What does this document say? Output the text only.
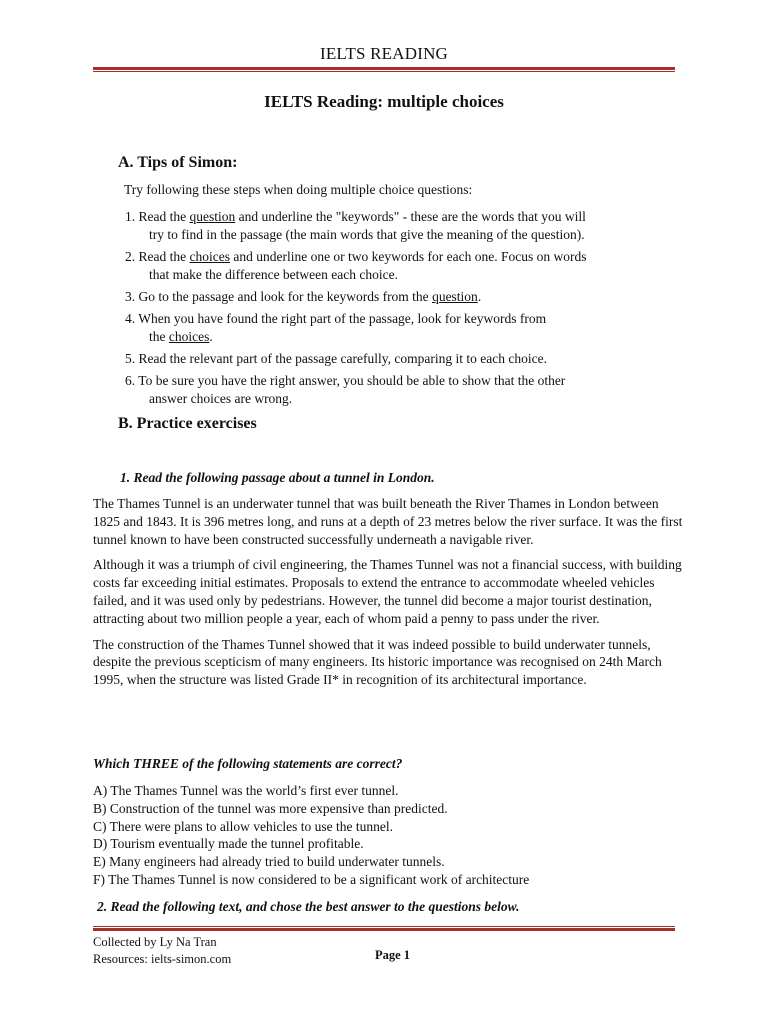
IELTS READING
IELTS Reading: multiple choices
A. Tips of Simon:
Try following these steps when doing multiple choice questions:
1. Read the question and underline the "keywords" - these are the words that you will
try to find in the passage (the main words that give the meaning of the question).
2. Read the choices and underline one or two keywords for each one. Focus on words
that make the difference between each choice.
3. Go to the passage and look for the keywords from the question.
4. When you have found the right part of the passage, look for keywords from
the choices.
5. Read the relevant part of the passage carefully, comparing it to each choice.
6. To be sure you have the right answer, you should be able to show that the other
answer choices are wrong.
B. Practice exercises
1. Read the following passage about a tunnel in London.

The Thames Tunnel is an underwater tunnel that was built beneath the River Thames in London between 1825 and 1843. It is 396 metres long, and runs at a depth of 23 metres below the river surface. It was the first tunnel known to have been constructed successfully underneath a navigable river.

Although it was a triumph of civil engineering, the Thames Tunnel was not a financial success, with building costs far exceeding initial estimates. Proposals to extend the entrance to accommodate wheeled vehicles failed, and it was used only by pedestrians. However, the tunnel did become a major tourist destination, attracting about two million people a year, each of whom paid a penny to pass under the river.

The construction of the Thames Tunnel showed that it was indeed possible to build underwater tunnels, despite the previous scepticism of many engineers. Its historic importance was recognised on 24th March 1995, when the structure was listed Grade II* in recognition of its architectural importance.

Which THREE of the following statements are correct?
A) The Thames Tunnel was the world’s first ever tunnel.
B) Construction of the tunnel was more expensive than predicted.
C) There were plans to allow vehicles to use the tunnel.
D) Tourism eventually made the tunnel profitable.
E) Many engineers had already tried to build underwater tunnels.
F) The Thames Tunnel is now considered to be a significant work of architecture
2. Read the following text, and chose the best answer to the questions below.
Collected by Ly Na Tran
Resources: ielts-simon.com	Page 1
